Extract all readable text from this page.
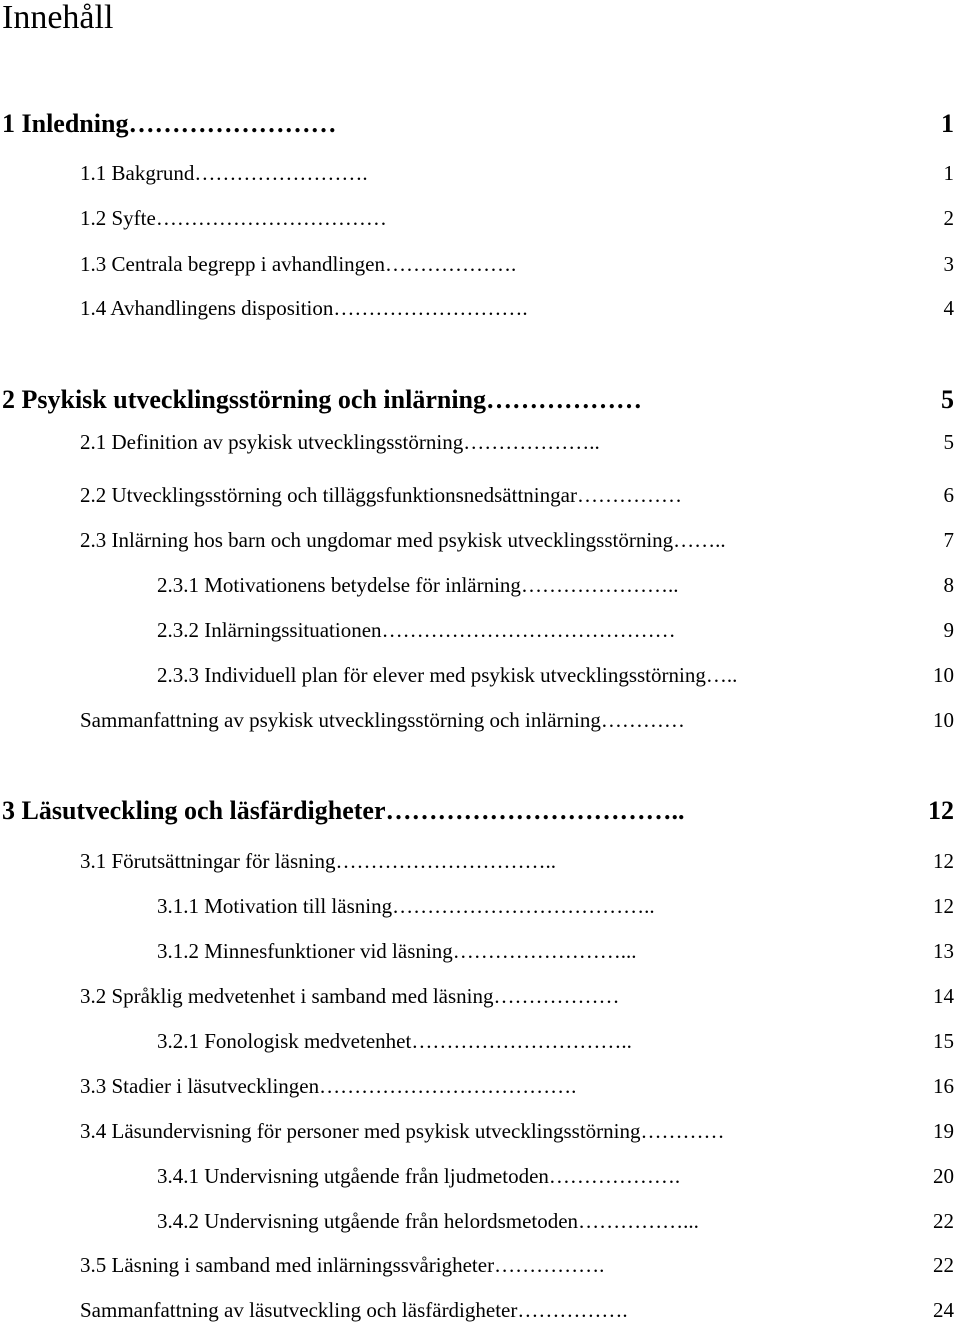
Innehåll
1 Inledning……………………	1
1.1 Bakgrund…………………….	1
1.2 Syfte……………………………	2
1.3 Centrala begrepp i avhandlingen……………….	3
1.4 Avhandlingens disposition……………………….	4
2 Psykisk utvecklingsstörning och inlärning………………	5
2.1 Definition av psykisk utvecklingsstörning………………..	5
2.2 Utvecklingsstörning och tilläggsfunktionsnedsättningar……………	6
2.3 Inlärning hos barn och ungdomar med psykisk utvecklingsstörning……..	7
2.3.1 Motivationens betydelse för inlärning…………………..	8
2.3.2 Inlärningssituationen……………………………………	9
2.3.3 Individuell plan för elever med psykisk utvecklingsstörning…..	10
Sammanfattning av psykisk utvecklingsstörning och inlärning…………	10
3 Läsutveckling och läsfärdigheter……………………………..	12
3.1 Förutsättningar för läsning…………………………..	12
3.1.1 Motivation till läsning………………………………..	12
3.1.2 Minnesfunktioner vid läsning……………………...	13
3.2 Språklig medvetenhet i samband med läsning………………	14
3.2.1 Fonologisk medvetenhet…………………………..	15
3.3 Stadier i läsutvecklingen……………………………….	16
3.4 Läsundervisning för personer med psykisk utvecklingsstörning…………	19
3.4.1 Undervisning utgående från ljudmetoden……………….	20
3.4.2 Undervisning utgående från helordsmetoden……………...	22
3.5 Läsning i samband med inlärningssvårigheter…………….	22
Sammanfattning av läsutveckling och läsfärdigheter…………….	24
